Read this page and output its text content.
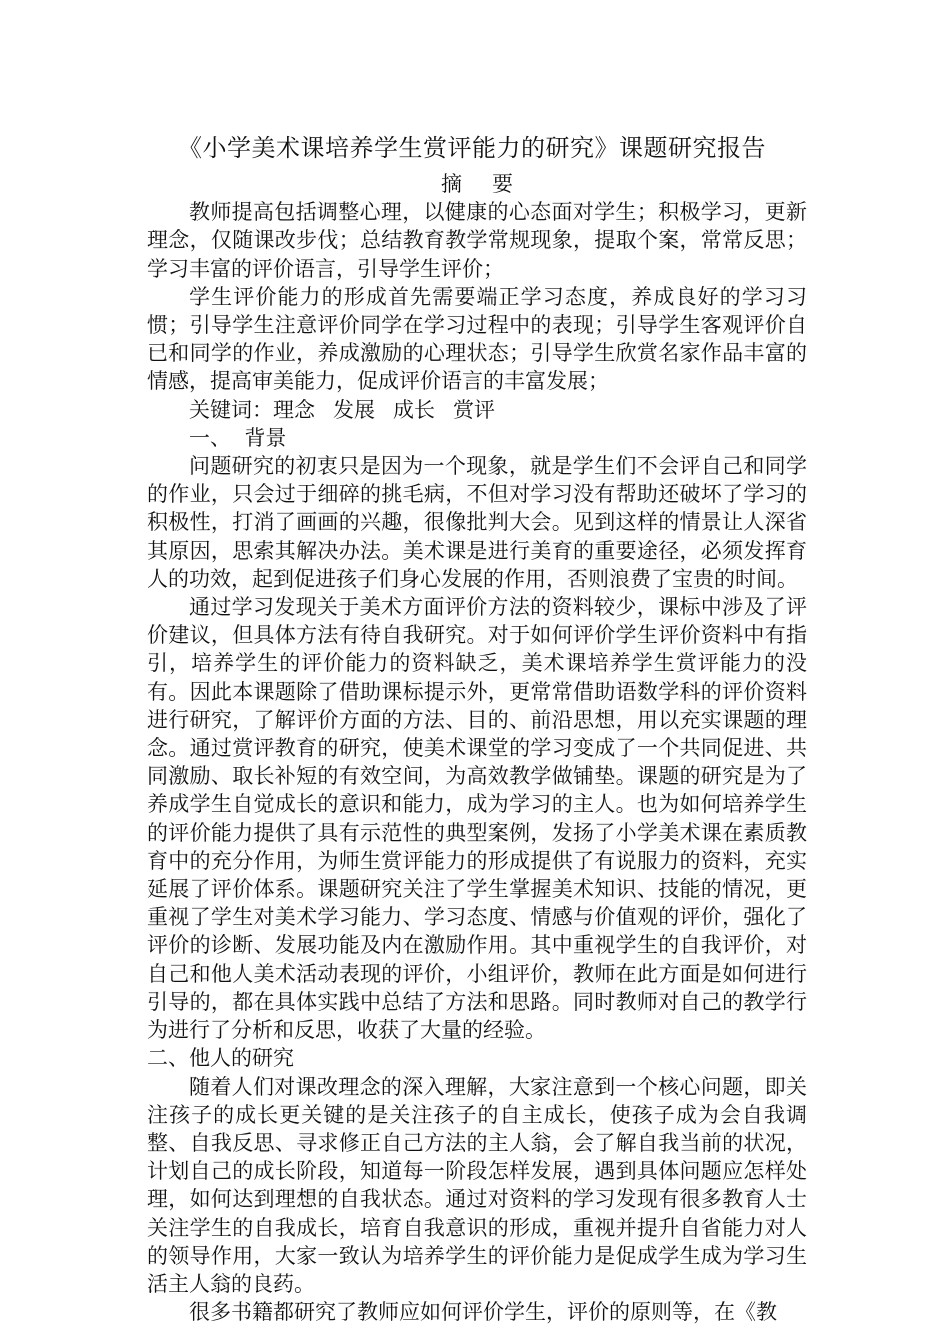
《小学美术课培养学生赏评能力的研究》课题研究报告
摘要

教师提高包括调整心理，以健康的心态面对学生；积极学习，更新理念，仅随课改步伐；总结教育教学常规现象，提取个案，常常反思；学习丰富的评价语言，引导学生评价；

学生评价能力的形成首先需要端正学习态度，养成良好的学习习惯；引导学生注意评价同学在学习过程中的表现；引导学生客观评价自已和同学的作业，养成激励的心理状态；引导学生欣赏名家作品丰富的情感，提高审美能力，促成评价语言的丰富发展；

关键词：理念 发展 成长 赏评

一、  背景

问题研究的初衷只是因为一个现象，就是学生们不会评自己和同学的作业，只会过于细碎的挑毛病，不但对学习没有帮助还破坏了学习的积极性，打消了画画的兴趣，很像批判大会。见到这样的情景让人深省其原因，思索其解决办法。美术课是进行美育的重要途径，必须发挥育人的功效，起到促进孩子们身心发展的作用，否则浪费了宝贵的时间。

通过学习发现关于美术方面评价方法的资料较少，课标中涉及了评价建议，但具体方法有待自我研究。对于如何评价学生评价资料中有指引，培养学生的评价能力的资料缺乏，美术课培养学生赏评能力的没有。因此本课题除了借助课标提示外，更常常借助语数学科的评价资料进行研究，了解评价方面的方法、目的、前沿思想，用以充实课题的理念。通过赏评教育的研究，使美术课堂的学习变成了一个共同促进、共同激励、取长补短的有效空间，为高效教学做铺垫。课题的研究是为了养成学生自觉成长的意识和能力，成为学习的主人。也为如何培养学生的评价能力提供了具有示范性的典型案例，发扬了小学美术课在素质教育中的充分作用，为师生赏评能力的形成提供了有说服力的资料，充实延展了评价体系。课题研究关注了学生掌握美术知识、技能的情况，更重视了学生对美术学习能力、学习态度、情感与价值观的评价，强化了评价的诊断、发展功能及内在激励作用。其中重视学生的自我评价，对自己和他人美术活动表现的评价，小组评价，教师在此方面是如何进行引导的，都在具体实践中总结了方法和思路。同时教师对自己的教学行为进行了分析和反思，收获了大量的经验。

二、他人的研究

随着人们对课改理念的深入理解，大家注意到一个核心问题，即关注孩子的成长更关键的是关注孩子的自主成长，使孩子成为会自我调整、自我反思、寻求修正自己方法的主人翁，会了解自我当前的状况，计划自己的成长阶段，知道每一阶段怎样发展，遇到具体问题应怎样处理，如何达到理想的自我状态。通过对资料的学习发现有很多教育人士关注学生的自我成长，培育自我意识的形成，重视并提升自省能力对人的领导作用，大家一致认为培养学生的评价能力是促成学生成为学习生活主人翁的良药。

很多书籍都研究了教师应如何评价学生，评价的原则等，在《教
